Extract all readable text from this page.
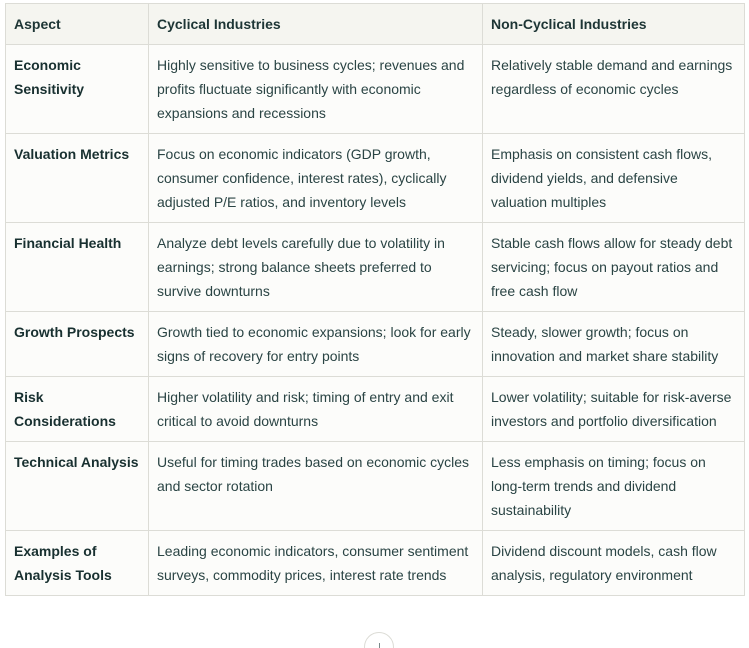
Aspect	Cyclical Industries	Non-Cyclical Industries
Economic Sensitivity	Highly sensitive to business cycles; revenues and profits fluctuate significantly with economic expansions and recessions	Relatively stable demand and earnings regardless of economic cycles
Valuation Metrics	Focus on economic indicators (GDP growth, consumer confidence, interest rates), cyclically adjusted P/E ratios, and inventory levels	Emphasis on consistent cash flows, dividend yields, and defensive valuation multiples
Financial Health	Analyze debt levels carefully due to volatility in earnings; strong balance sheets preferred to survive downturns	Stable cash flows allow for steady debt servicing; focus on payout ratios and free cash flow
Growth Prospects	Growth tied to economic expansions; look for early signs of recovery for entry points	Steady, slower growth; focus on innovation and market share stability
Risk Considerations	Higher volatility and risk; timing of entry and exit critical to avoid downturns	Lower volatility; suitable for risk-averse investors and portfolio diversification
Technical Analysis	Useful for timing trades based on economic cycles and sector rotation	Less emphasis on timing; focus on long-term trends and dividend sustainability
Examples of Analysis Tools	Leading economic indicators, consumer sentiment surveys, commodity prices, interest rate trends	Dividend discount models, cash flow analysis, regulatory environment
